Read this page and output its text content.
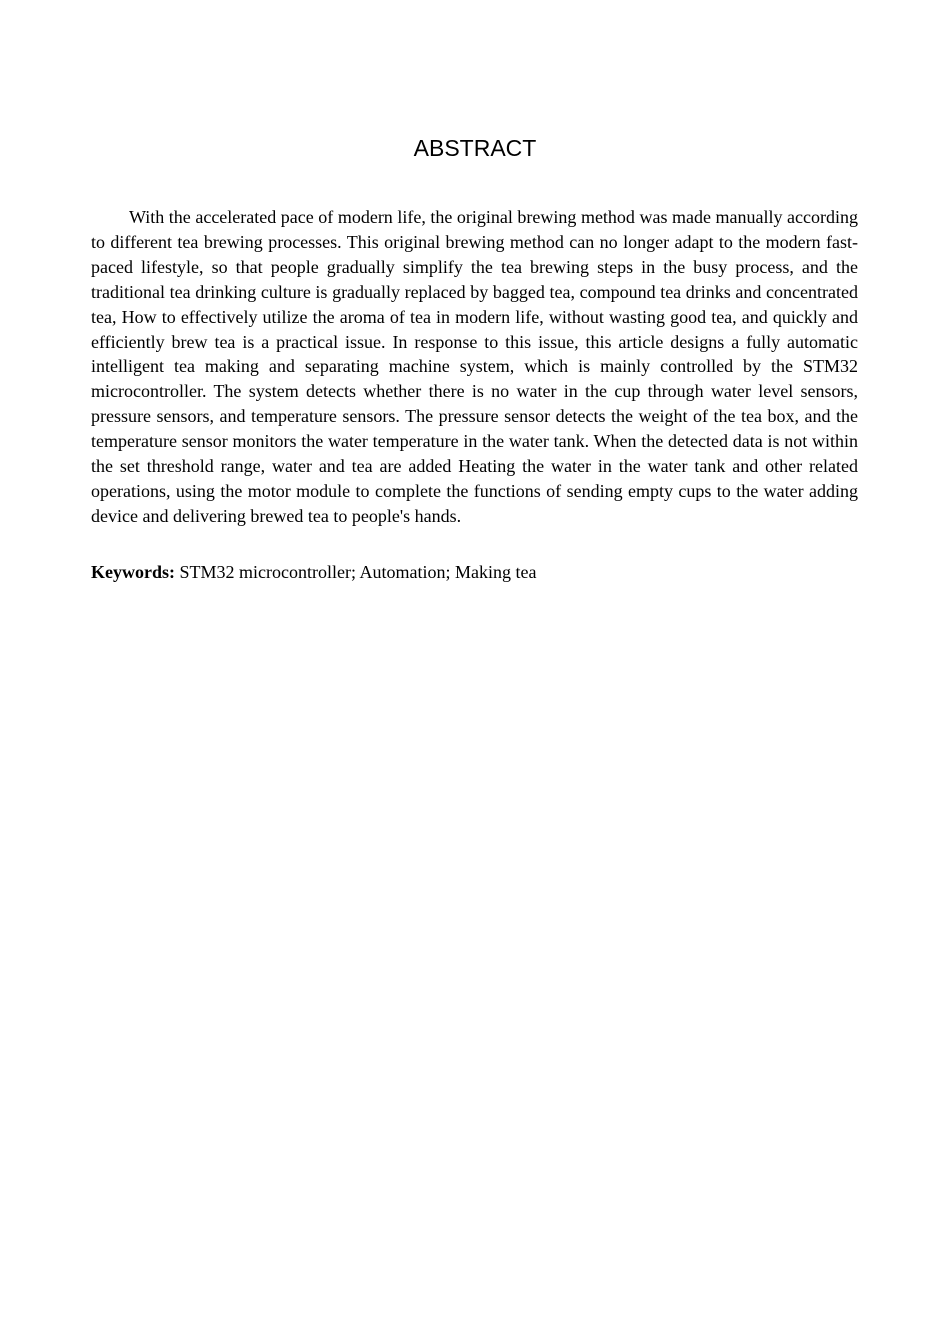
ABSTRACT

With the accelerated pace of modern life, the original brewing method was made manually according to different tea brewing processes. This original brewing method can no longer adapt to the modern fast-paced lifestyle, so that people gradually simplify the tea brewing steps in the busy process, and the traditional tea drinking culture is gradually replaced by bagged tea, compound tea drinks and concentrated tea, How to effectively utilize the aroma of tea in modern life, without wasting good tea, and quickly and efficiently brew tea is a practical issue. In response to this issue, this article designs a fully automatic intelligent tea making and separating machine system, which is mainly controlled by the STM32 microcontroller. The system detects whether there is no water in the cup through water level sensors, pressure sensors, and temperature sensors. The pressure sensor detects the weight of the tea box, and the temperature sensor monitors the water temperature in the water tank. When the detected data is not within the set threshold range, water and tea are added Heating the water in the water tank and other related operations, using the motor module to complete the functions of sending empty cups to the water adding device and delivering brewed tea to people's hands.

Keywords: STM32 microcontroller; Automation; Making tea
